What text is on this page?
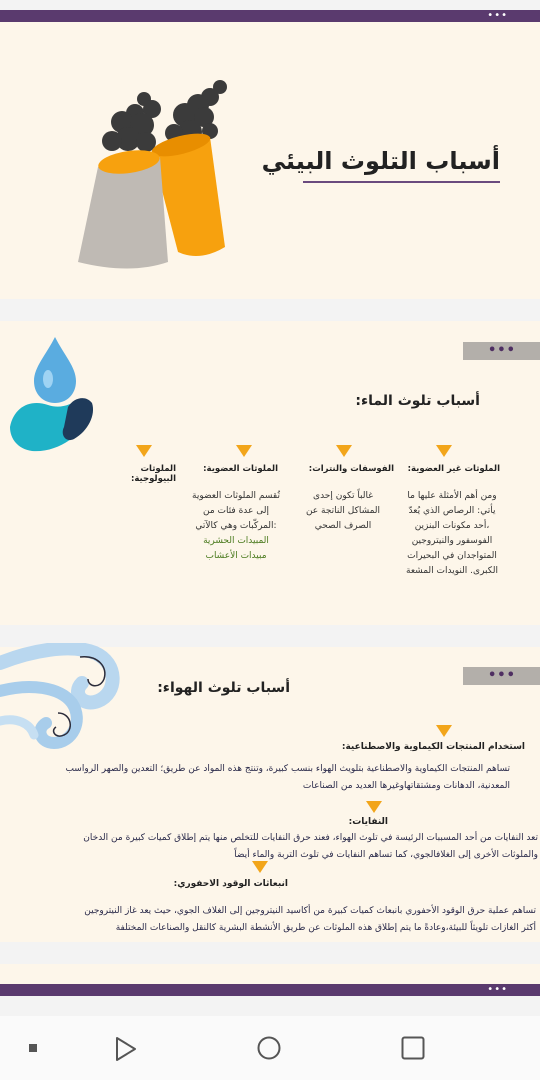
•••
أسباب التلوث البيئي
•••
أسباب تلوث الماء:
الملوثات غير العضوية:
ومن أهم الأمثلة عليها ما
يأتي: الرصاص الذي يُعدّ
أحد مكونات البنزين،
الفوسفور والنيتروجين
المتواجدان في البحيرات
الكبرى. النويدات المشعة
الفوسفات والنترات:
غالباً تكون إحدى
المشاكل الناتجة عن
الصرف الصحي
الملوثات العضوية:
تُقسم الملوثات العضوية
إلى عدة فئات من
المركّبات وهي كالآتي:
المبيدات الحشرية
مبيدات الأعشاب
الملوثات البيولوجية:
•••
أسباب تلوث الهواء:
استخدام المنتجات الكيماوية والاصطناعية:
تساهم المنتجات الكيماوية والاصطناعية بتلويث الهواء بنسب كبيرة، وتنتج هذه المواد عن طريق؛ التعدين والصهر الرواسب
المعدنية، الدهانات ومشتقاتهاوغيرها العديد من الصناعات
النفايات:
تعد النفايات من أحد المسببات الرئيسة في تلوث الهواء، فعند حرق النفايات للتخلص منها يتم إطلاق كميات كبيرة من الدخان
والملوثات الأخرى إلى الغلافالجوي، كما تساهم النفايات في تلوث التربة والماء أيضاً
انبعاثات الوقود الاحفوري:
تساهم عملية حرق الوقود الأحفوري بانبعاث كميات كبيرة من أكاسيد النيتروجين إلى الغلاف الجوي، حيث يعد غاز النيتروجين
أكثر الغازات تلويثاً للبيئة،وعادةً ما يتم إطلاق هذه الملوثات عن طريق الأنشطة البشرية كالنقل والصناعات المختلفة
•••
